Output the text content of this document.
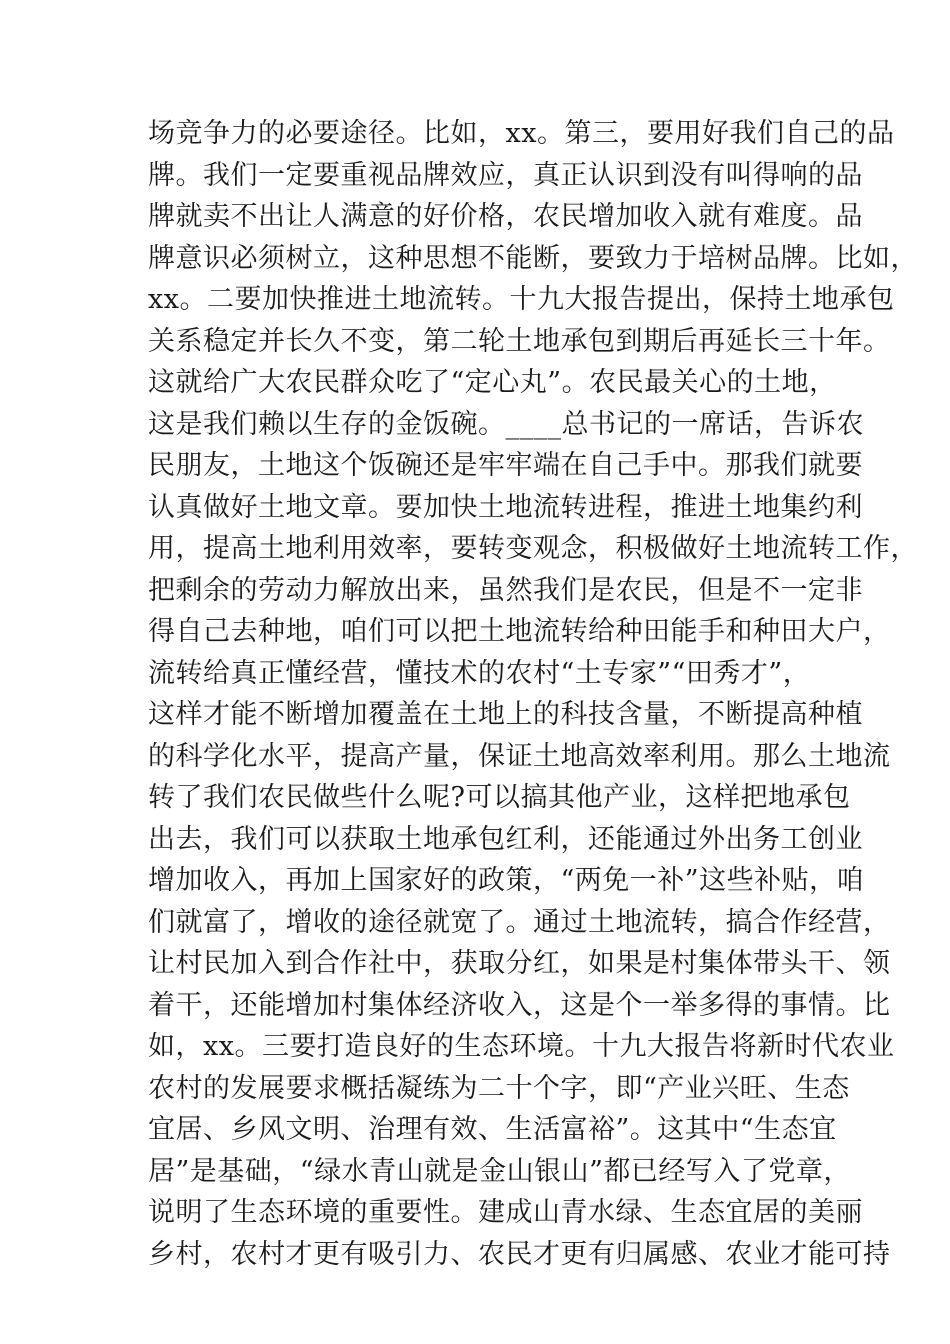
场竞争力的必要途径。比如，xx。第三，要用好我们自己的品
牌。我们一定要重视品牌效应，真正认识到没有叫得响的品
牌就卖不出让人满意的好价格，农民增加收入就有难度。品
牌意识必须树立，这种思想不能断，要致力于培树品牌。比如，
xx。二要加快推进土地流转。十九大报告提出，保持土地承包
关系稳定并长久不变，第二轮土地承包到期后再延长三十年。
这就给广大农民群众吃了“定心丸”。农民最关心的土地，
这是我们赖以生存的金饭碗。____总书记的一席话，告诉农
民朋友，土地这个饭碗还是牢牢端在自己手中。那我们就要
认真做好土地文章。要加快土地流转进程，推进土地集约利
用，提高土地利用效率，要转变观念，积极做好土地流转工作，
把剩余的劳动力解放出来，虽然我们是农民，但是不一定非
得自己去种地，咱们可以把土地流转给种田能手和种田大户，
流转给真正懂经营，懂技术的农村“土专家”“田秀才”，
这样才能不断增加覆盖在土地上的科技含量，不断提高种植
的科学化水平，提高产量，保证土地高效率利用。那么土地流
转了我们农民做些什么呢?可以搞其他产业，这样把地承包
出去，我们可以获取土地承包红利，还能通过外出务工创业
增加收入，再加上国家好的政策，“两免一补”这些补贴，咱
们就富了，增收的途径就宽了。通过土地流转，搞合作经营，
让村民加入到合作社中，获取分红，如果是村集体带头干、领
着干，还能增加村集体经济收入，这是个一举多得的事情。比
如，xx。三要打造良好的生态环境。十九大报告将新时代农业
农村的发展要求概括凝练为二十个字，即“产业兴旺、生态
宜居、乡风文明、治理有效、生活富裕”。这其中“生态宜
居”是基础，“绿水青山就是金山银山”都已经写入了党章，
说明了生态环境的重要性。建成山青水绿、生态宜居的美丽
乡村，农村才更有吸引力、农民才更有归属感、农业才能可持
